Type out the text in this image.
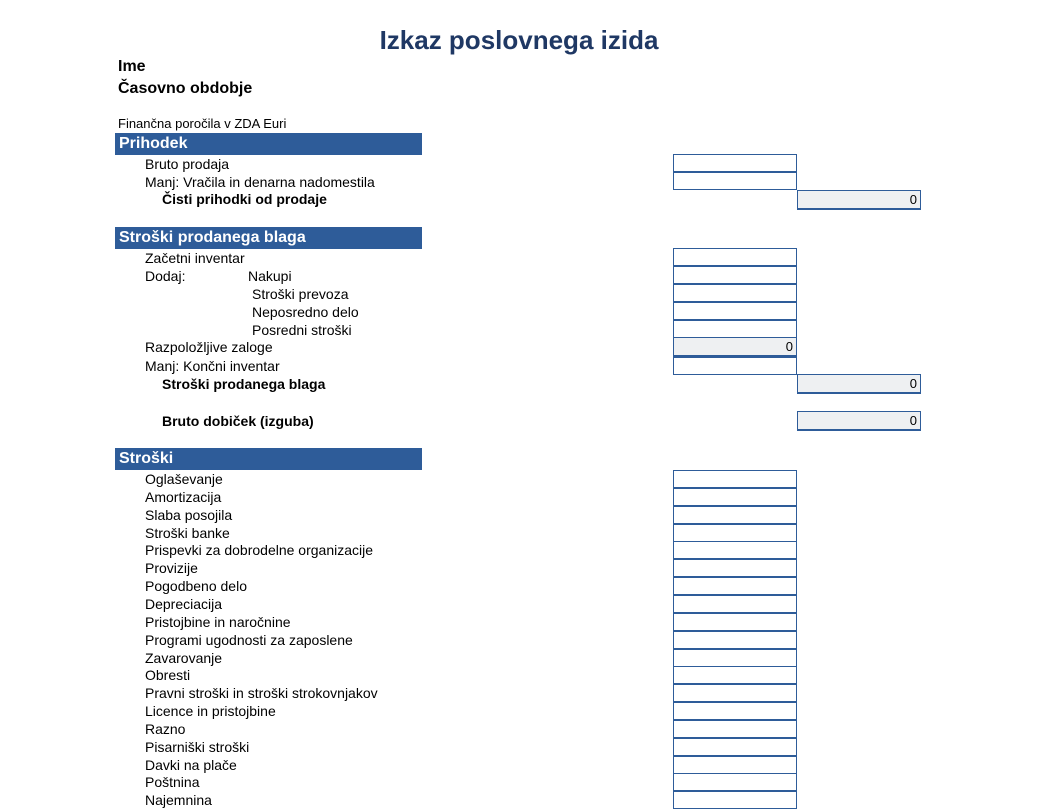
Izkaz poslovnega izida
Ime
Časovno obdobje
Finančna poročila v ZDA Euri
Prihodek
Bruto prodaja
Manj: Vračila in denarna nadomestila
Čisti prihodki od prodaje	0
Stroški prodanega blaga
Začetni inventar
Dodaj:	Nakupi
Stroški prevoza
Neposredno delo
Posredni stroški
Razpoložljive zaloge	0
Manj: Končni inventar
Stroški prodanega blaga	0
Bruto dobiček (izguba)	0
Stroški
Oglaševanje
Amortizacija
Slaba posojila
Stroški banke
Prispevki za dobrodelne organizacije
Provizije
Pogodbeno delo
Depreciacija
Pristojbine in naročnine
Programi ugodnosti za zaposlene
Zavarovanje
Obresti
Pravni stroški in stroški strokovnjakov
Licence in pristojbine
Razno
Pisarniški stroški
Davki na plače
Poštnina
Najemnina
